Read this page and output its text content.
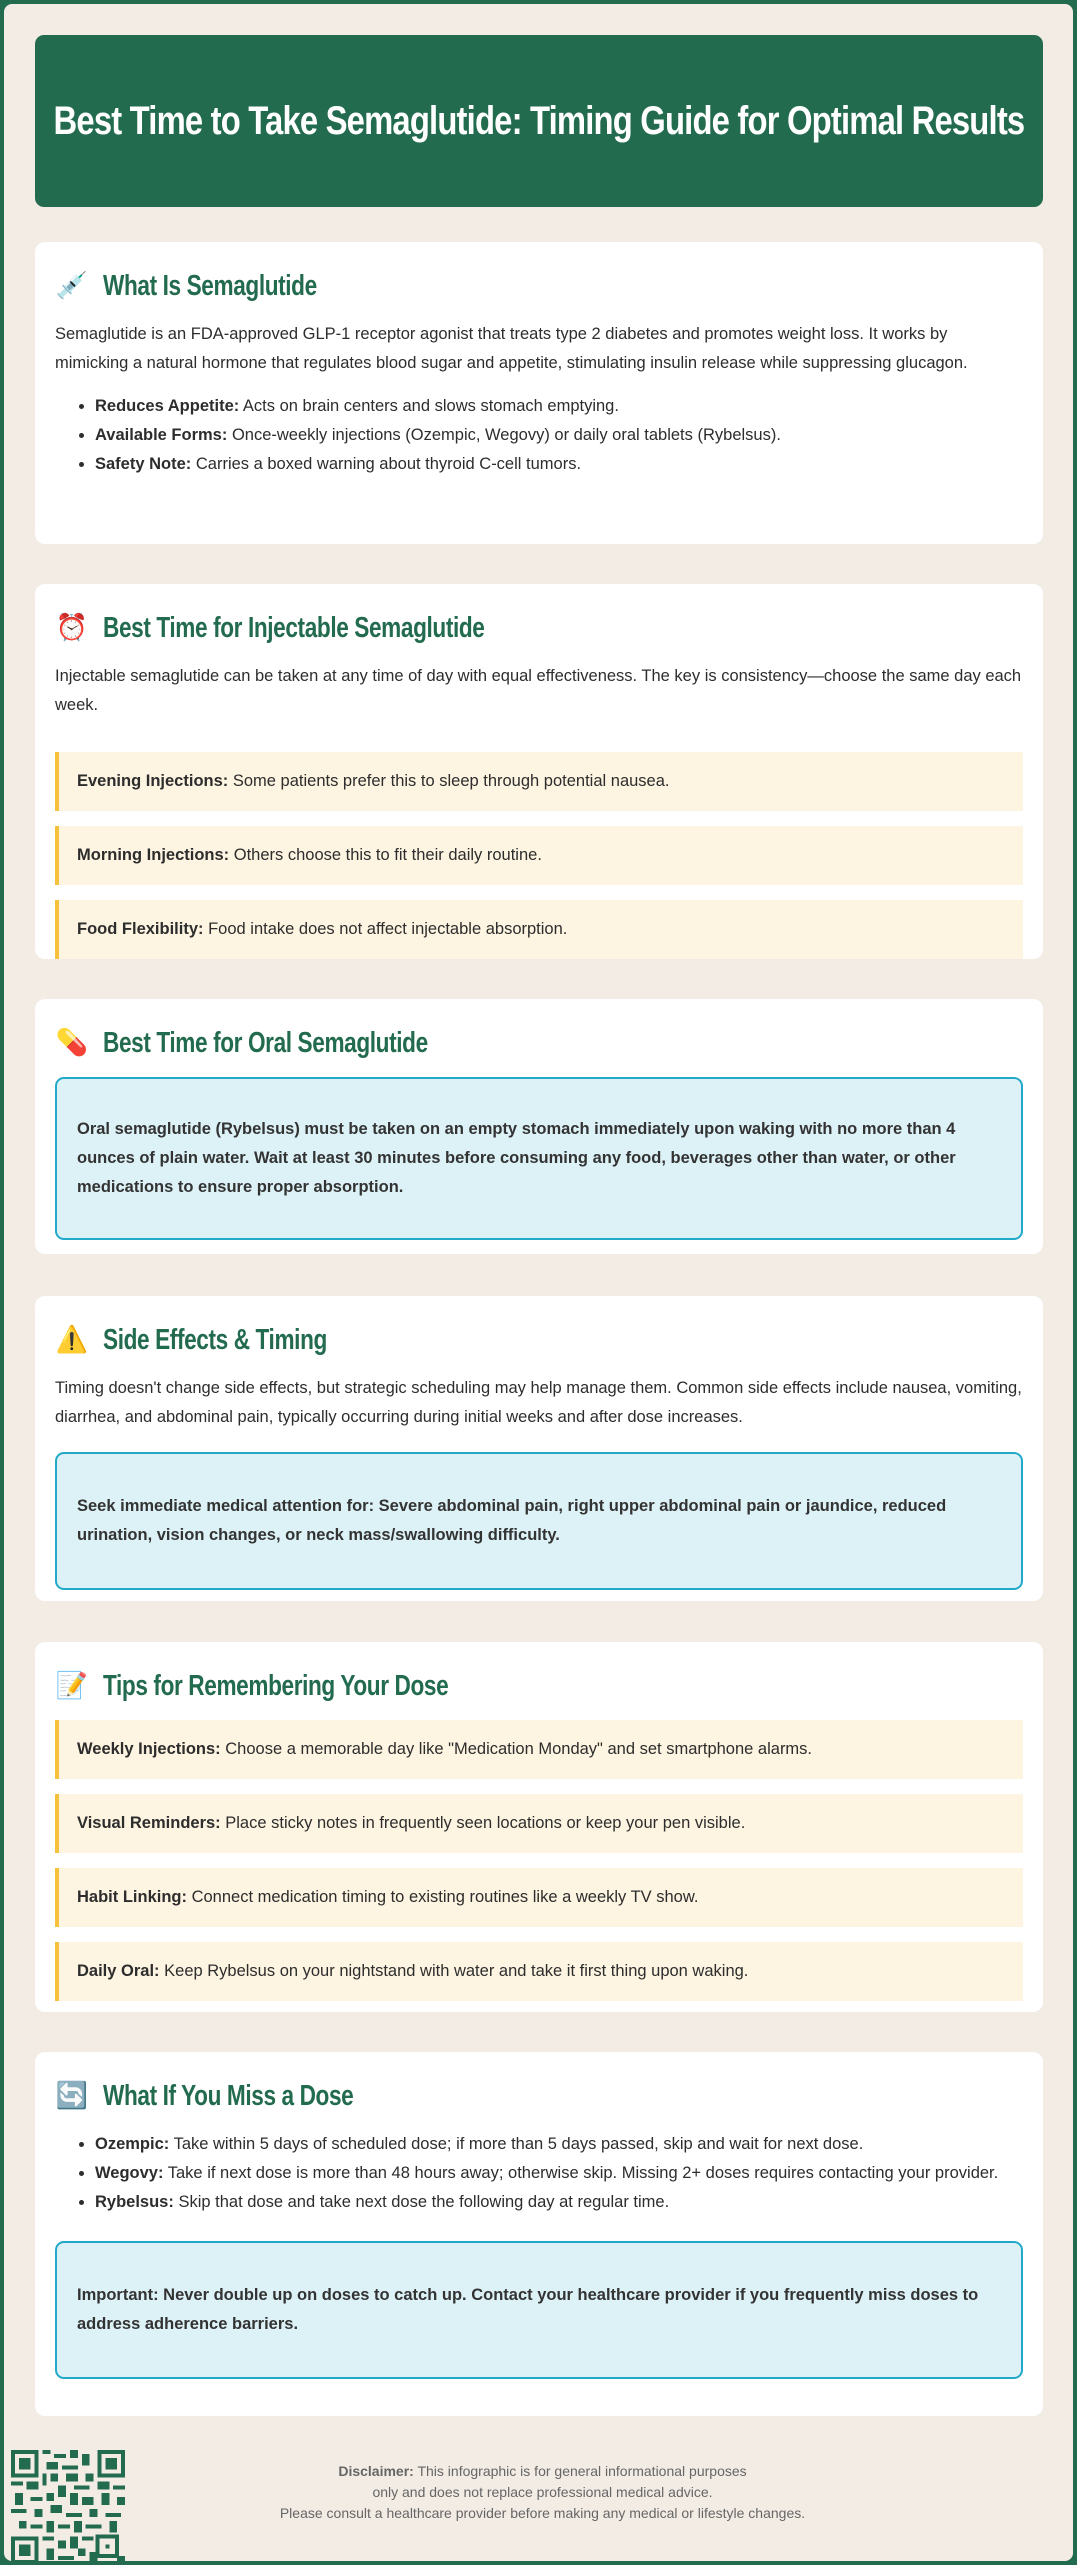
Best Time to Take Semaglutide: Timing Guide for Optimal Results
💉 What Is Semaglutide

Semaglutide is an FDA-approved GLP-1 receptor agonist that treats type 2 diabetes and promotes weight loss. It works by mimicking a natural hormone that regulates blood sugar and appetite, stimulating insulin release while suppressing glucagon.

• Reduces Appetite: Acts on brain centers and slows stomach emptying.
• Available Forms: Once-weekly injections (Ozempic, Wegovy) or daily oral tablets (Rybelsus).
• Safety Note: Carries a boxed warning about thyroid C-cell tumors.
⏰ Best Time for Injectable Semaglutide

Injectable semaglutide can be taken at any time of day with equal effectiveness. The key is consistency—choose the same day each week.

Evening Injections: Some patients prefer this to sleep through potential nausea.
Morning Injections: Others choose this to fit their daily routine.
Food Flexibility: Food intake does not affect injectable absorption.
💊 Best Time for Oral Semaglutide
Oral semaglutide (Rybelsus) must be taken on an empty stomach immediately upon waking with no more than 4 ounces of plain water. Wait at least 30 minutes before consuming any food, beverages other than water, or other medications to ensure proper absorption.
⚠️ Side Effects & Timing

Timing doesn't change side effects, but strategic scheduling may help manage them. Common side effects include nausea, vomiting, diarrhea, and abdominal pain, typically occurring during initial weeks and after dose increases.

Seek immediate medical attention for: Severe abdominal pain, right upper abdominal pain or jaundice, reduced urination, vision changes, or neck mass/swallowing difficulty.
📝 Tips for Remembering Your Dose
Weekly Injections: Choose a memorable day like "Medication Monday" and set smartphone alarms.
Visual Reminders: Place sticky notes in frequently seen locations or keep your pen visible.
Habit Linking: Connect medication timing to existing routines like a weekly TV show.
Daily Oral: Keep Rybelsus on your nightstand with water and take it first thing upon waking.
🔄 What If You Miss a Dose
• Ozempic: Take within 5 days of scheduled dose; if more than 5 days passed, skip and wait for next dose.
• Wegovy: Take if next dose is more than 48 hours away; otherwise skip. Missing 2+ doses requires contacting your provider.
• Rybelsus: Skip that dose and take next dose the following day at regular time.
Important: Never double up on doses to catch up. Contact your healthcare provider if you frequently miss doses to address adherence barriers.
Disclaimer: This infographic is for general informational purposes
only and does not replace professional medical advice.
Please consult a healthcare provider before making any medical or lifestyle changes.
